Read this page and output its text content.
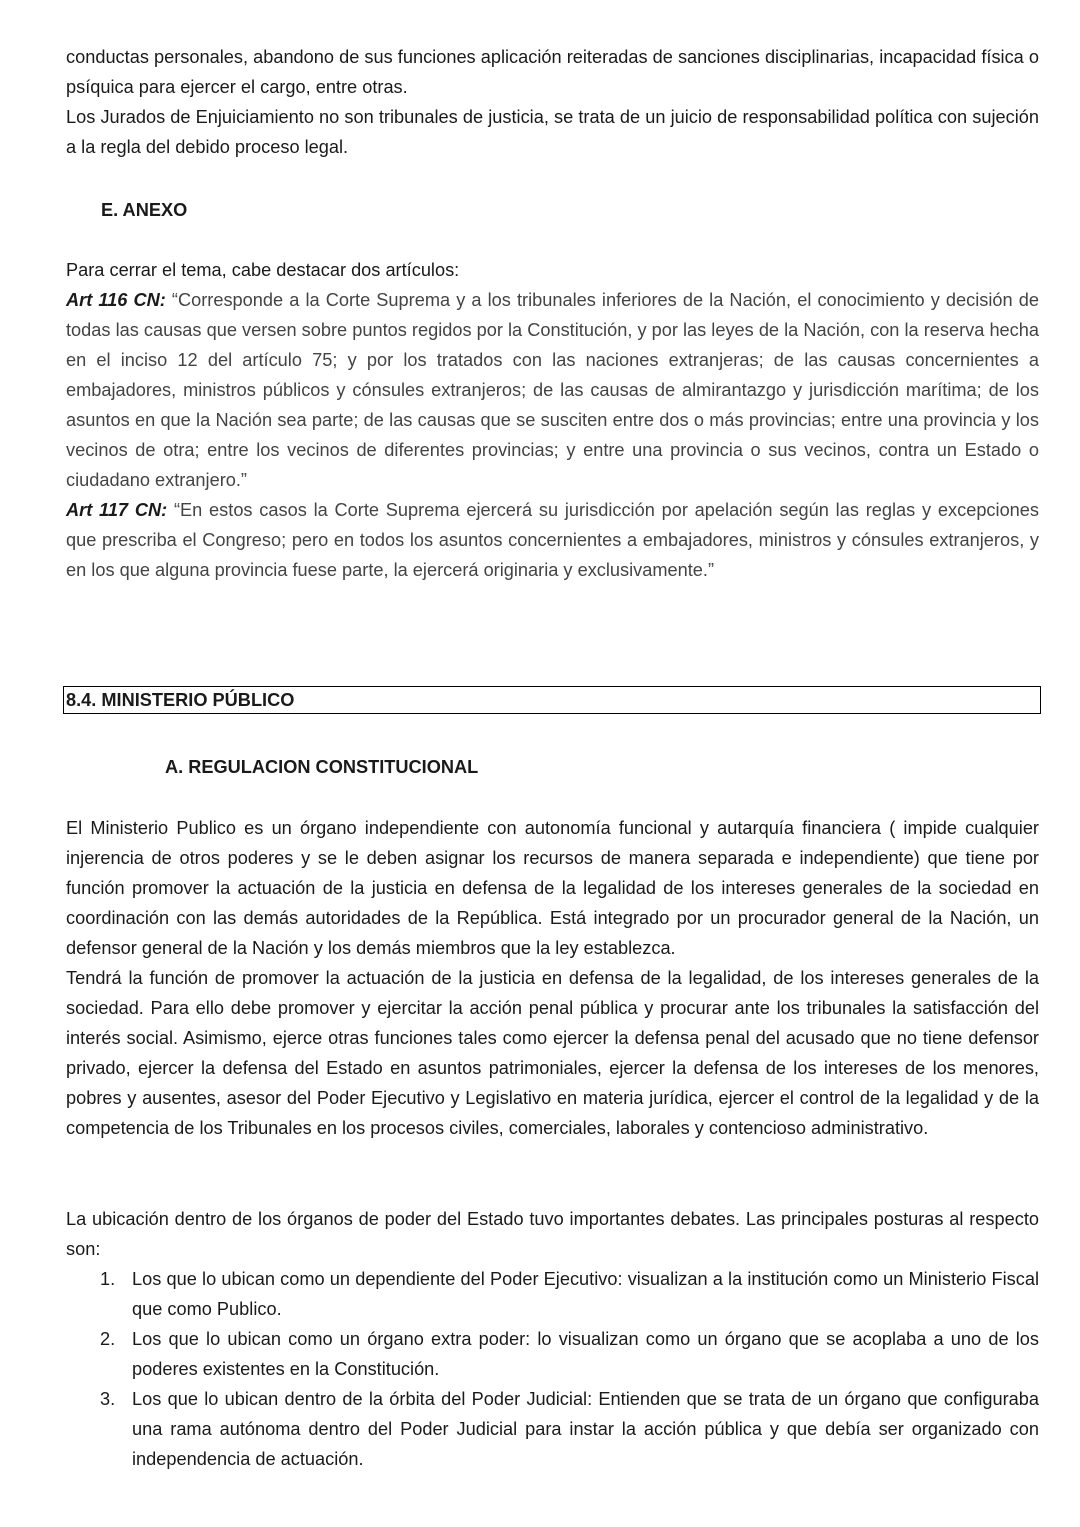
conductas personales, abandono de sus funciones aplicación reiteradas de sanciones disciplinarias, incapacidad física o psíquica para ejercer el cargo, entre otras.

Los Jurados de Enjuiciamiento no son tribunales de justicia, se trata de un juicio de responsabilidad política con sujeción a la regla del debido proceso legal.

E. ANEXO

Para cerrar el tema, cabe destacar dos artículos:

Art 116 CN: “Corresponde a la Corte Suprema y a los tribunales inferiores de la Nación, el conocimiento y decisión de todas las causas que versen sobre puntos regidos por la Constitución, y por las leyes de la Nación, con la reserva hecha en el inciso 12 del artículo 75; y por los tratados con las naciones extranjeras; de las causas concernientes a embajadores, ministros públicos y cónsules extranjeros; de las causas de almirantazgo y jurisdicción marítima; de los asuntos en que la Nación sea parte; de las causas que se susciten entre dos o más provincias; entre una provincia y los vecinos de otra; entre los vecinos de diferentes provincias; y entre una provincia o sus vecinos, contra un Estado o ciudadano extranjero.”

Art 117 CN: “En estos casos la Corte Suprema ejercerá su jurisdicción por apelación según las reglas y excepciones que prescriba el Congreso; pero en todos los asuntos concernientes a embajadores, ministros y cónsules extranjeros, y en los que alguna provincia fuese parte, la ejercerá originaria y exclusivamente.”

8.4. MINISTERIO PÚBLICO
A. REGULACION CONSTITUCIONAL

El Ministerio Publico es un órgano independiente con autonomía funcional y autarquía financiera ( impide cualquier injerencia de otros poderes y se le deben asignar los recursos de manera separada e independiente) que tiene por función promover la actuación de la justicia en defensa de la legalidad de los intereses generales de la sociedad en coordinación con las demás autoridades de la República. Está integrado por un procurador general de la Nación, un defensor general de la Nación y los demás miembros que la ley establezca.

Tendrá la función de promover la actuación de la justicia en defensa de la legalidad, de los intereses generales de la sociedad. Para ello debe promover y ejercitar la acción penal pública y procurar ante los tribunales la satisfacción del interés social. Asimismo, ejerce otras funciones tales como ejercer la defensa penal del acusado que no tiene defensor privado, ejercer la defensa del Estado en asuntos patrimoniales, ejercer la defensa de los intereses de los menores, pobres y ausentes, asesor del Poder Ejecutivo y Legislativo en materia jurídica, ejercer el control de la legalidad y de la competencia de los Tribunales en los procesos civiles, comerciales, laborales y contencioso administrativo.

La ubicación dentro de los órganos de poder del Estado tuvo importantes debates. Las principales posturas al respecto son:

1. Los que lo ubican como un dependiente del Poder Ejecutivo: visualizan a la institución como un Ministerio Fiscal que como Publico.
2. Los que lo ubican como un órgano extra poder: lo visualizan como un órgano que se acoplaba a uno de los poderes existentes en la Constitución.
3. Los que lo ubican dentro de la órbita del Poder Judicial: Entienden que se trata de un órgano que configuraba una rama autónoma dentro del Poder Judicial para instar la acción pública y que debía ser organizado con independencia de actuación.
